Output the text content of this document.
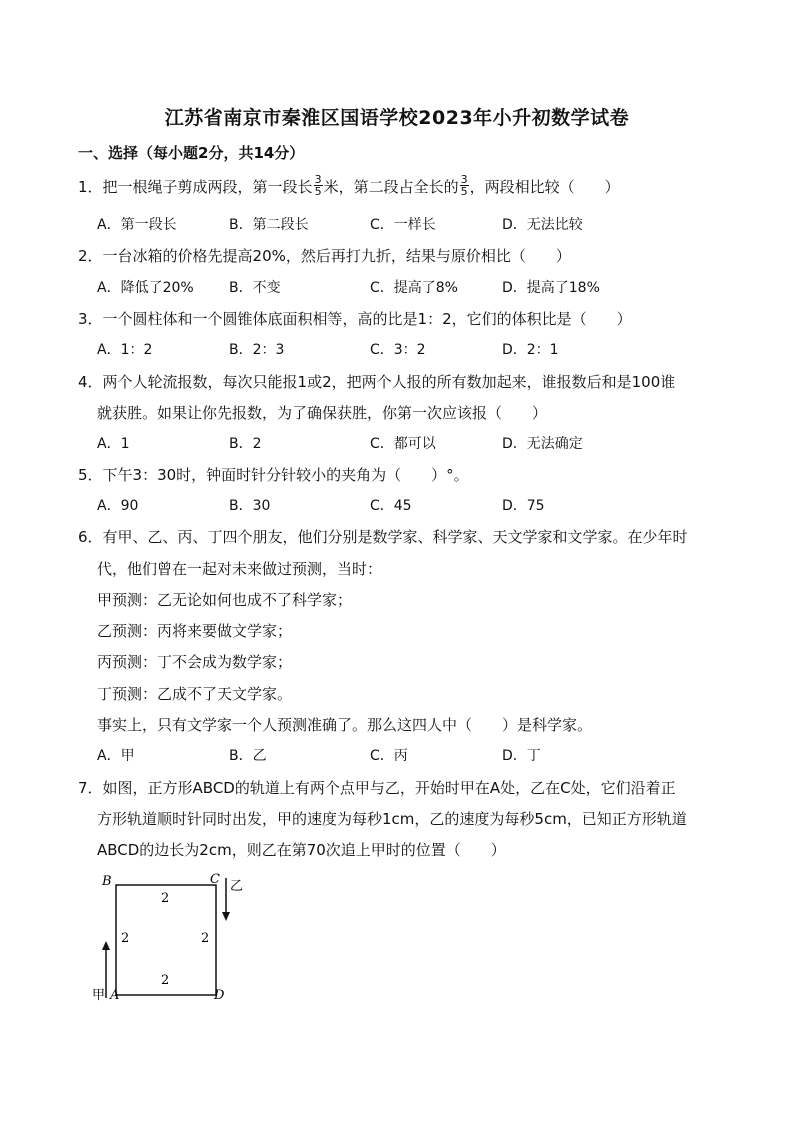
江苏省南京市秦淮区国语学校2023年小升初数学试卷
一、选择（每小题2分，共14分）
1．把一根绳子剪成两段，第一段长 $\frac{3}{5}$ 米，第二段占全长的 $\frac{3}{5}$ ，两段相比较（　　）
A．第一段长	B．第二段长	C．一样长	D．无法比较
2．一台冰箱的价格先提高20%，然后再打九折，结果与原价相比（　　）
A．降低了20%	B．不变	C．提高了8%	D．提高了18%
3．一个圆柱体和一个圆锥体底面积相等，高的比是1：2，它们的体积比是（　　）
A．1：2	B．2：3	C．3：2	D．2：1
4．两个人轮流报数，每次只能报1或2，把两个人报的所有数加起来，谁报数后和是100谁
就获胜。如果让你先报数，为了确保获胜，你第一次应该报（　　）
A．1	B．2	C．都可以	D．无法确定
5．下午3：30时，钟面时针分针较小的夹角为（　　）°。
A．90	B．30	C．45	D．75
6．有甲、乙、丙、丁四个朋友，他们分别是数学家、科学家、天文学家和文学家。在少年时
代，他们曾在一起对未来做过预测，当时：
甲预测：乙无论如何也成不了科学家；
乙预测：丙将来要做文学家；
丙预测：丁不会成为数学家；
丁预测：乙成不了天文学家。
事实上，只有文学家一个人预测准确了。那么这四人中（　　）是科学家。
A．甲	B．乙	C．丙	D．丁
7．如图，正方形ABCD的轨道上有两个点甲与乙，开始时甲在A处，乙在C处，它们沿着正
方形轨道顺时针同时出发，甲的速度为每秒1cm，乙的速度为每秒5cm，已知正方形轨道
ABCD的边长为2cm，则乙在第70次追上甲时的位置（　　）
B	C
A	D
2
2	2
2
乙
甲
